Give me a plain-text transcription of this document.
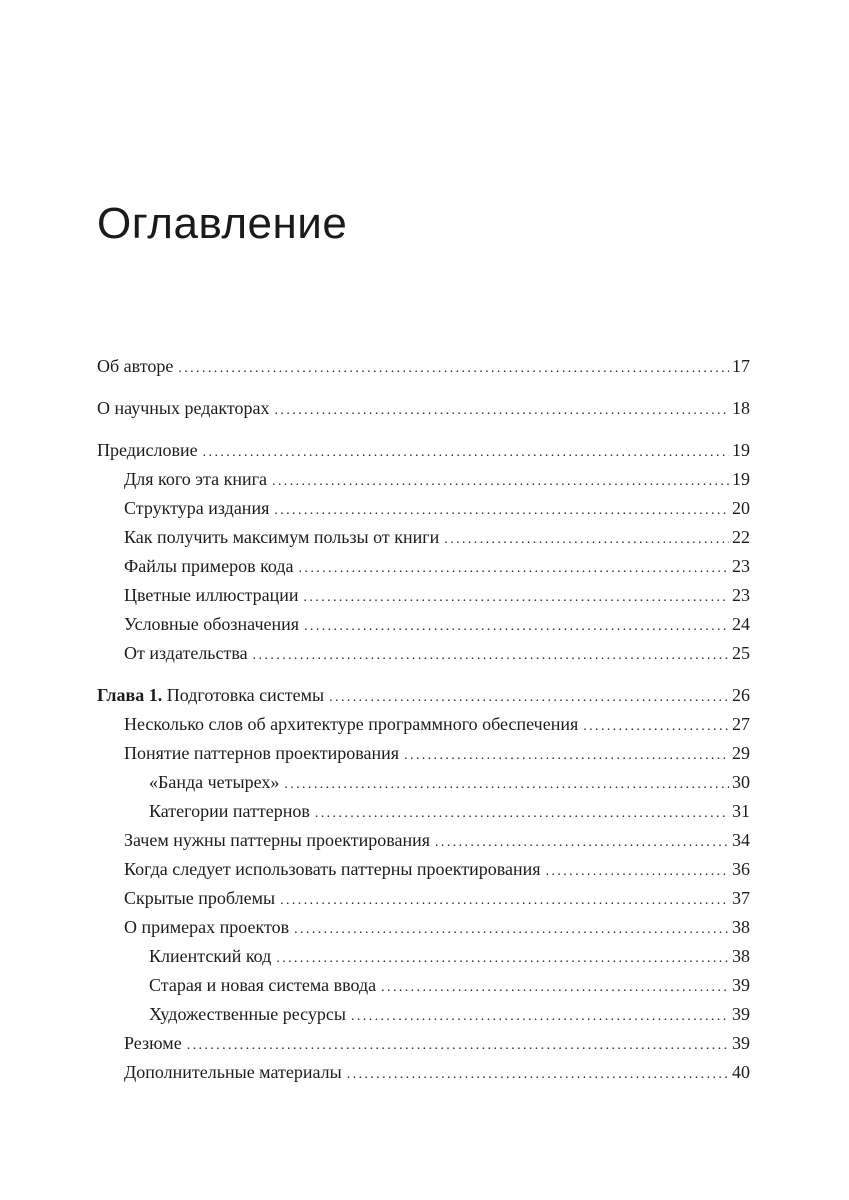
Оглавление
Об авторе .....	17
О научных редакторах .....	18
Предисловие .....	19
Для кого эта книга .....	19
Структура издания .....	20
Как получить максимум пользы от книги .....	22
Файлы примеров кода .....	23
Цветные иллюстрации .....	23
Условные обозначения .....	24
От издательства .....	25
Глава 1. Подготовка системы .....	26
Несколько слов об архитектуре программного обеспечения .....	27
Понятие паттернов проектирования .....	29
«Банда четырех» .....	30
Категории паттернов .....	31
Зачем нужны паттерны проектирования .....	34
Когда следует использовать паттерны проектирования .....	36
Скрытые проблемы .....	37
О примерах проектов .....	38
Клиентский код .....	38
Старая и новая система ввода .....	39
Художественные ресурсы .....	39
Резюме .....	39
Дополнительные материалы .....	40
